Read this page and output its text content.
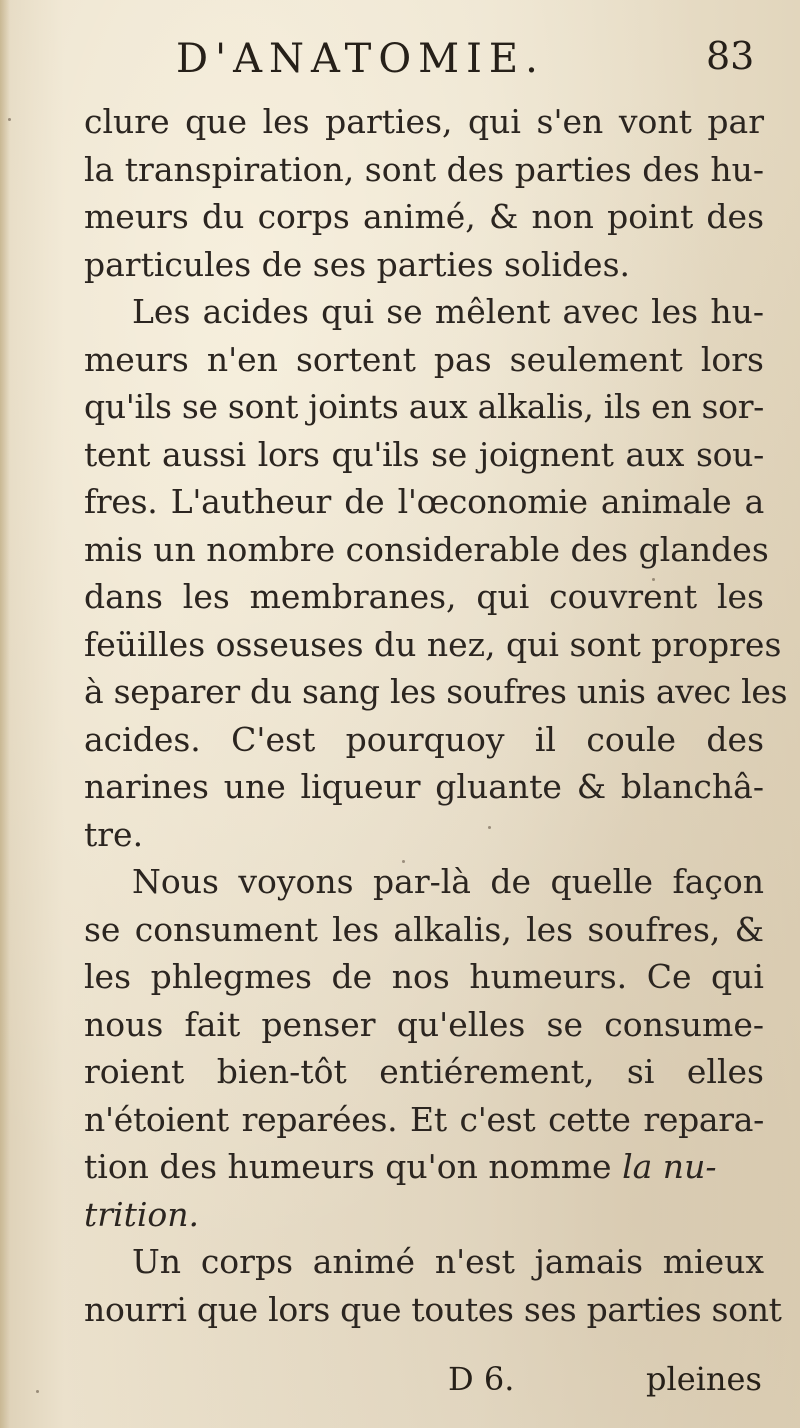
D'ANATOMIE.	83
clure que les parties, qui s'en vont par
la transpiration, sont des parties des hu-
meurs du corps animé, & non point des
particules de ses parties solides.
Les acides qui se mêlent avec les hu-
meurs n'en sortent pas seulement lors
qu'ils se sont joints aux alkalis, ils en sor-
tent aussi lors qu'ils se joignent aux sou-
fres. L'autheur de l'œconomie animale a
mis un nombre considerable des glandes
dans les membranes, qui couvrent les
feüilles osseuses du nez, qui sont propres
à separer du sang les soufres unis avec les
acides. C'est pourquoy il coule des
narines une liqueur gluante & blanchâ-
tre.
Nous voyons par-là de quelle façon
se consument les alkalis, les soufres, &
les phlegmes de nos humeurs. Ce qui
nous fait penser qu'elles se consume-
roient bien-tôt entiérement, si elles
n'étoient reparées. Et c'est cette repara-
tion des humeurs qu'on nomme la nu-
trition.
Un corps animé n'est jamais mieux
nourri que lors que toutes ses parties sont
D 6.	pleines
